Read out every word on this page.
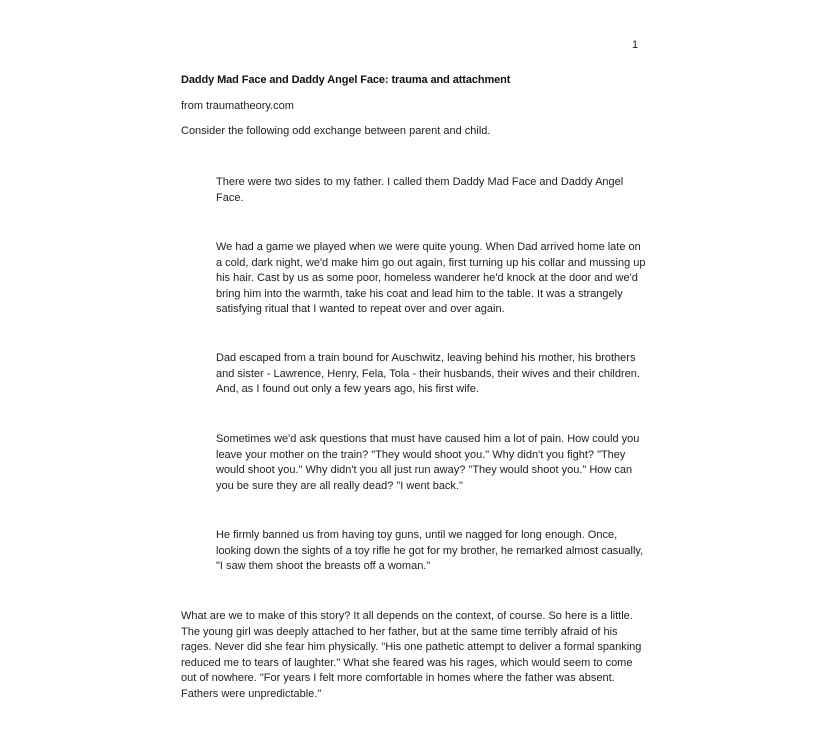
1
Daddy Mad Face and Daddy Angel Face: trauma and attachment
from traumatheory.com
Consider the following odd exchange between parent and child.
There were two sides to my father. I called them Daddy Mad Face and Daddy Angel Face.
We had a game we played when we were quite young. When Dad arrived home late on a cold, dark night, we'd make him go out again, first turning up his collar and mussing up his hair. Cast by us as some poor, homeless wanderer he'd knock at the door and we'd bring him into the warmth, take his coat and lead him to the table. It was a strangely satisfying ritual that I wanted to repeat over and over again.
Dad escaped from a train bound for Auschwitz, leaving behind his mother, his brothers and sister - Lawrence, Henry, Fela, Tola - their husbands, their wives and their children. And, as I found out only a few years ago, his first wife.
Sometimes we'd ask questions that must have caused him a lot of pain. How could you leave your mother on the train? "They would shoot you." Why didn't you fight? "They would shoot you." Why didn't you all just run away? "They would shoot you." How can you be sure they are all really dead? "I went back."
He firmly banned us from having toy guns, until we nagged for long enough. Once, looking down the sights of a toy rifle he got for my brother, he remarked almost casually, "I saw them shoot the breasts off a woman."
What are we to make of this story? It all depends on the context, of course. So here is a little. The young girl was deeply attached to her father, but at the same time terribly afraid of his rages. Never did she fear him physically. "His one pathetic attempt to deliver a formal spanking reduced me to tears of laughter." What she feared was his rages, which would seem to come out of nowhere. "For years I felt more comfortable in homes where the father was absent. Fathers were unpredictable."
